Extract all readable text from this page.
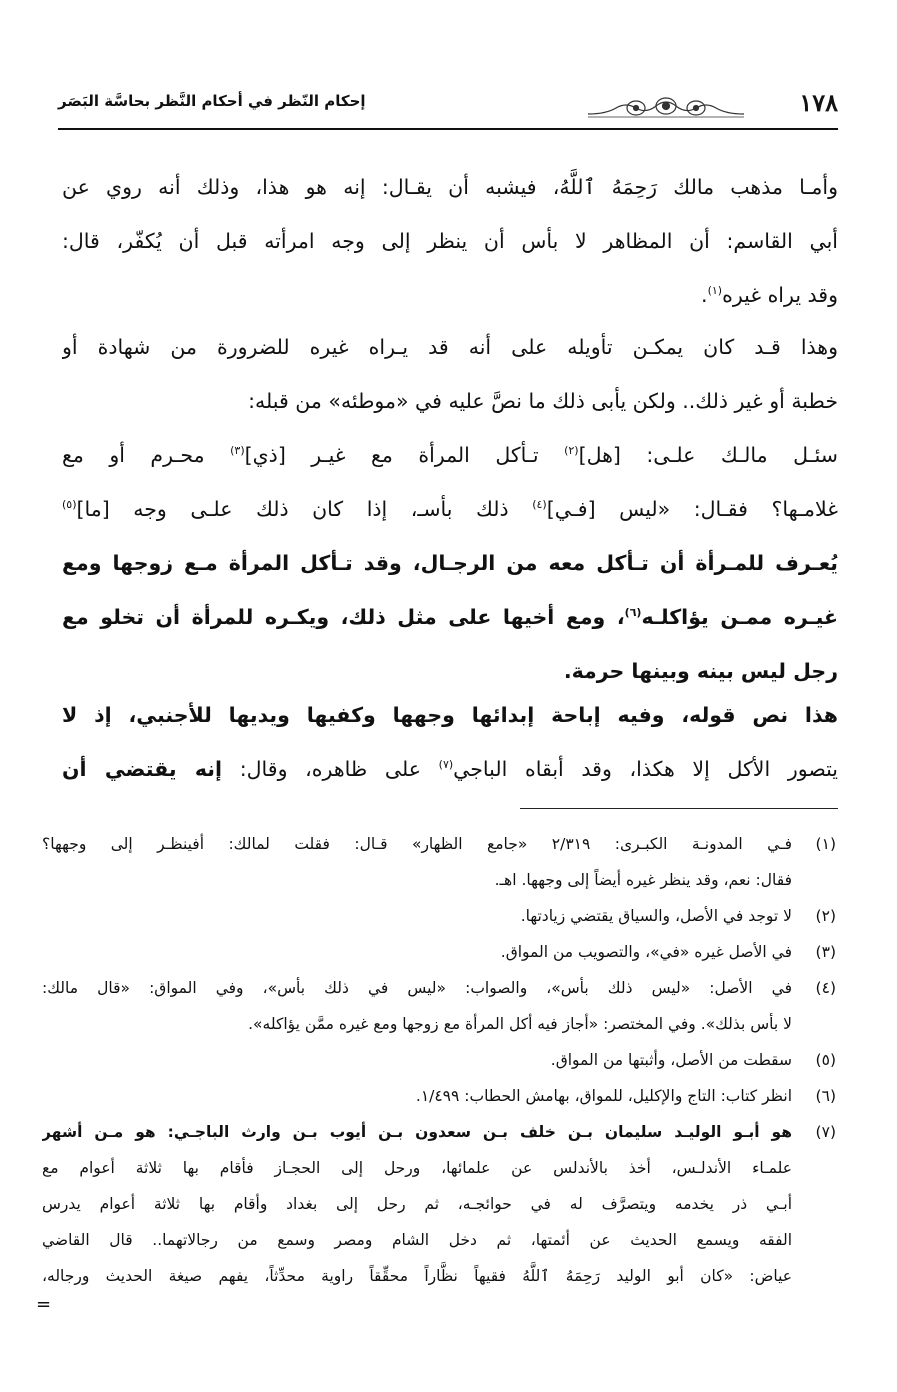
١٧٨
إحكام النّظر في أحكام النَّظر بحاسَّة البَصَر
وأمـا مذهب مالك رَحِمَهُ ٱللَّهُ، فيشبه أن يقـال: إنه هو هذا، وذلك أنه روي عن
أبي القاسم: أن المظاهر لا بأس أن ينظر إلى وجه امرأته قبل أن يُكفّر، قال:
وقد يراه غيره$^{(١)}$.
وهذا قـد كان يمكـن تأويله على أنه قد يـراه غيره للضرورة من شهادة أو
خطبة أو غير ذلك.. ولكن يأبى ذلك ما نصَّ عليه في «موطئه» من قبله:
سئـل مالـك علـى: [هل]$^{(٢)}$ تـأكل المرأة مع غيـر [ذي]$^{(٣)}$ محـرم أو مع
غلامـها؟ فقـال: «ليس [فـي]$^{(٤)}$ ذلك بأسـ، إذا كان ذلك علـى وجه [ما]$^{(٥)}$
يُعـرف للمـرأة أن تـأكل معه من الرجـال، وقد تـأكل المرأة مـع زوجها ومع
غيـره ممـن يؤاكلـه$^{(٦)}$، ومع أخيها على مثل ذلك، ويكـره للمرأة أن تخلو مع
رجل ليس بينه وبينها حرمة.
هذا نص قوله، وفيه إباحة إبدائها وجهها وكفيها ويديها للأجنبي، إذ لا
يتصور الأكل إلا هكذا، وقد أبقاه الباجي$^{(٧)}$ على ظاهره، وقال: إنه يقتضي أن
(١)
فـي المدونـة الكبـرى: ٢/٣١٩ «جامع الظهار» قـال: فقلت لمالك: أفينظـر إلى وجهها؟
فقال: نعم، وقد ينظر غيره أيضاً إلى وجهها. اهـ.
(٢)
لا توجد في الأصل، والسياق يقتضي زيادتها.
(٣)
في الأصل غيره «في»، والتصويب من المواق.
(٤)
في الأصل: «ليس ذلك بأس»، والصواب: «ليس في ذلك بأس»، وفي المواق: «قال مالك:
لا بأس بذلك». وفي المختصر: «أجاز فيه أكل المرأة مع زوجها ومع غيره ممَّن يؤاكله».
(٥)
سقطت من الأصل، وأثبتها من المواق.
(٦)
انظر كتاب: التاج والإكليل، للمواق، بهامش الحطاب: ١/٤٩٩.
(٧)
هو أبـو الوليـد سليمان بـن خلف بـن سعدون بـن أيوب بـن وارث الباجـي: هو مـن أشهر
علمـاء الأندلـس، أخذ بالأندلس عن علمائها، ورحل إلى الحجـاز فأقام بها ثلاثة أعوام مع
أبـي ذر يخدمه ويتصرَّف له في حوائجـه، ثم رحل إلى بغداد وأقام بها ثلاثة أعوام يدرس
الفقه ويسمع الحديث عن أئمتها، ثم دخل الشام ومصر وسمع من رجالاتهما.. قال القاضي
عياض: «كان أبو الوليد رَحِمَهُ ٱللَّهُ فقيهاً نظَّاراً محقِّقاً راوية محدِّثاً، يفهم صيغة الحديث ورجاله،
=
